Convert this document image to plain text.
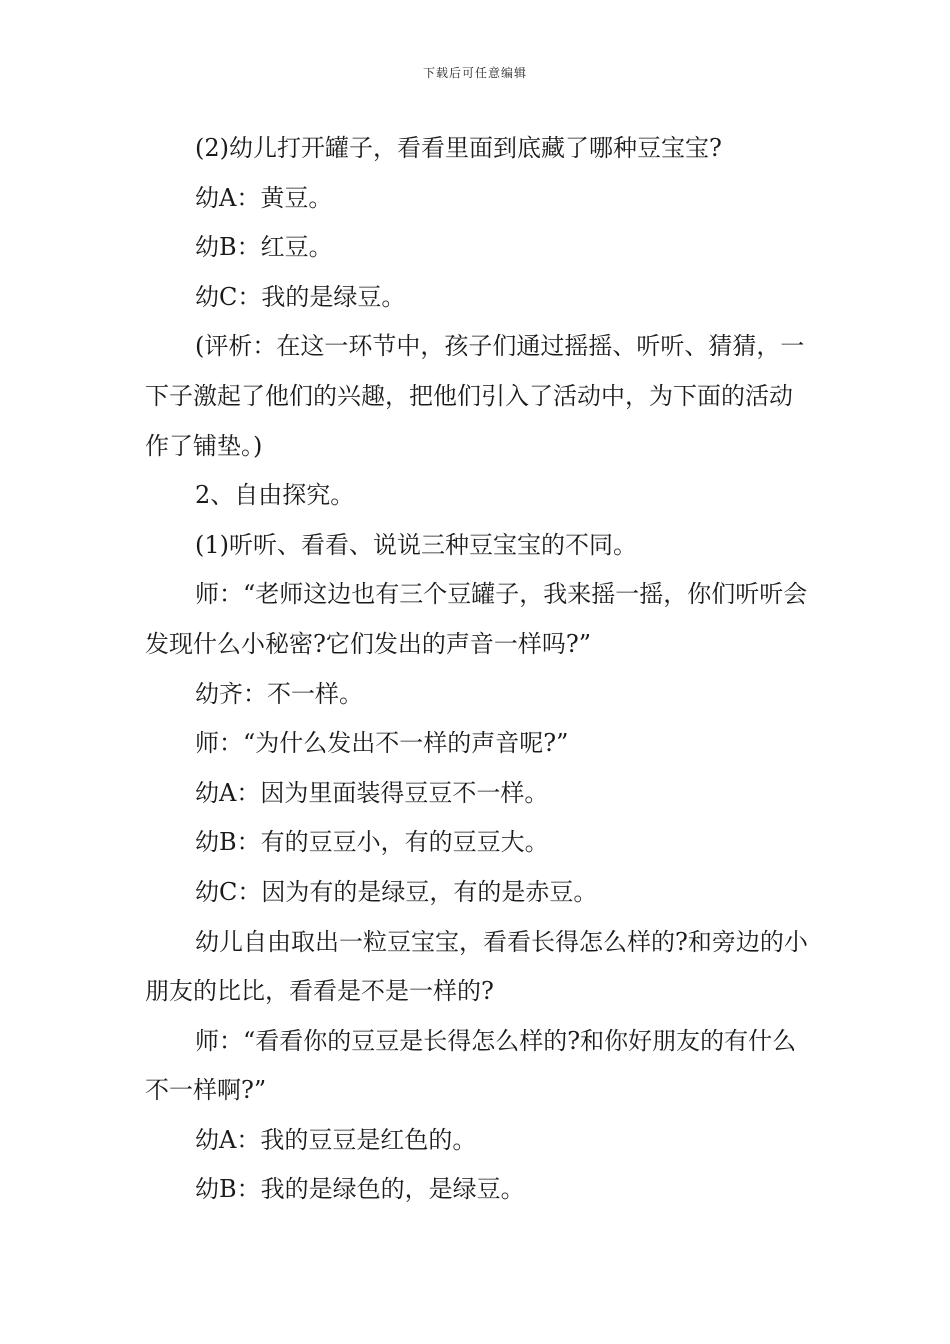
下载后可任意编辑

(2)幼儿打开罐子，看看里面到底藏了哪种豆宝宝?

幼A：黄豆。

幼B：红豆。

幼C：我的是绿豆。

(评析：在这一环节中，孩子们通过摇摇、听听、猜猜，一下子激起了他们的兴趣，把他们引入了活动中，为下面的活动作了铺垫。)

2、自由探究。

(1)听听、看看、说说三种豆宝宝的不同。

师：“老师这边也有三个豆罐子，我来摇一摇，你们听听会发现什么小秘密?它们发出的声音一样吗?”

幼齐：不一样。

师：“为什么发出不一样的声音呢?”

幼A：因为里面装得豆豆不一样。

幼B：有的豆豆小，有的豆豆大。

幼C：因为有的是绿豆，有的是赤豆。

幼儿自由取出一粒豆宝宝，看看长得怎么样的?和旁边的小朋友的比比，看看是不是一样的?

师：“看看你的豆豆是长得怎么样的?和你好朋友的有什么不一样啊?”

幼A：我的豆豆是红色的。

幼B：我的是绿色的，是绿豆。
